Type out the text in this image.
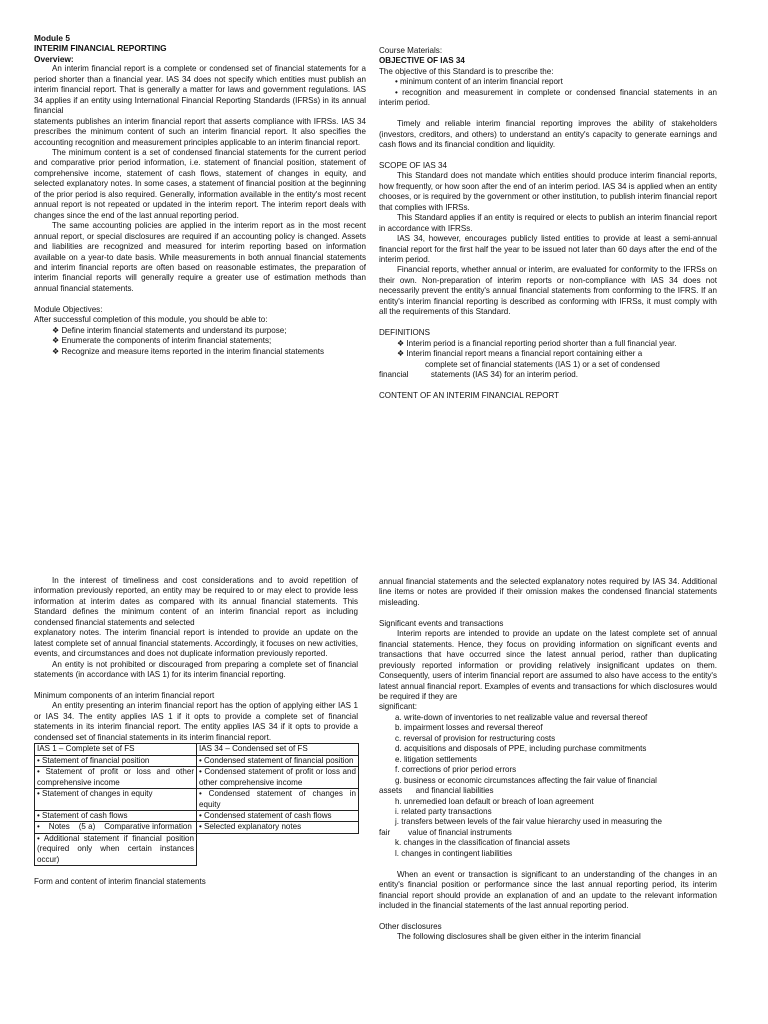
Module 5

INTERIM FINANCIAL REPORTING

Overview:

An interim financial report is a complete or condensed set of financial statements for a period shorter than a financial year. IAS 34 does not specify which entities must publish an interim financial report. That is generally a matter for laws and government regulations. IAS 34 applies if an entity using International Financial Reporting Standards (IFRSs) in its annual financial

statements publishes an interim financial report that asserts compliance with IFRSs. IAS 34 prescribes the minimum content of such an interim financial report. It also specifies the accounting recognition and measurement principles applicable to an interim financial report.

The minimum content is a set of condensed financial statements for the current period and comparative prior period information, i.e. statement of financial position, statement of comprehensive income, statement of cash flows, statement of changes in equity, and selected explanatory notes. In some cases, a statement of financial position at the beginning of the prior period is also required. Generally, information available in the entity's most recent annual report is not repeated or updated in the interim report. The interim report deals with changes since the end of the last annual reporting period.

The same accounting policies are applied in the interim report as in the most recent annual report, or special disclosures are required if an accounting policy is changed. Assets and liabilities are recognized and measured for interim reporting based on information available on a year-to date basis. While measurements in both annual financial statements and interim financial reports are often based on reasonable estimates, the preparation of interim financial reports will generally require a greater use of estimation methods than annual financial statements.

Module Objectives:

After successful completion of this module, you should be able to:

❖ Define interim financial statements and understand its purpose;

❖ Enumerate the components of interim financial statements;

❖ Recognize and measure items reported in the interim financial statements

Course Materials:

OBJECTIVE OF IAS 34

The objective of this Standard is to prescribe the:

• minimum content of an interim financial report

• recognition and measurement in complete or condensed financial statements in an interim period.

Timely and reliable interim financial reporting improves the ability of stakeholders (investors, creditors, and others) to understand an entity's capacity to generate earnings and cash flows and its financial condition and liquidity.

SCOPE OF IAS 34

This Standard does not mandate which entities should produce interim financial reports, how frequently, or how soon after the end of an interim period. IAS 34 is applied when an entity chooses, or is required by the government or other institution, to publish interim financial report that complies with IFRSs.

This Standard applies if an entity is required or elects to publish an interim financial report in accordance with IFRSs.

IAS 34, however, encourages publicly listed entities to provide at least a semi-annual financial report for the first half the year to be issued not later than 60 days after the end of the interim period.

Financial reports, whether annual or interim, are evaluated for conformity to the IFRSs on their own. Non-preparation of interim reports or non-compliance with IAS 34 does not necessarily prevent the entity's annual financial statements from conforming to the IFRS. If an entity's interim financial reporting is described as conforming with IFRSs, it must comply with all the requirements of this Standard.

DEFINITIONS

❖ Interim period is a financial reporting period shorter than a full financial year.

❖ Interim financial report means a financial report containing either a

complete set of financial statements (IAS 1) or a set of condensed

financial          statements (IAS 34) for an interim period.

CONTENT OF AN INTERIM FINANCIAL REPORT

In the interest of timeliness and cost considerations and to avoid repetition of information previously reported, an entity may be required to or may elect to provide less information at interim dates as compared with its annual financial statements. This Standard defines the minimum content of an interim financial report as including condensed financial statements and selected

explanatory notes. The interim financial report is intended to provide an update on the latest complete set of annual financial statements. Accordingly, it focuses on new activities, events, and circumstances and does not duplicate information previously reported.

An entity is not prohibited or discouraged from preparing a complete set of financial statements (in accordance with IAS 1) for its interim financial reporting.

Minimum components of an interim financial report

An entity presenting an interim financial report has the option of applying either IAS 1 or IAS 34. The entity applies IAS 1 if it opts to provide a complete set of financial statements in its interim financial report. The entity applies IAS 34 if it opts to provide a condensed set of financial statements in its interim financial report.

IAS 1 – Complete set of FS	IAS 34 – Condensed set of FS
• Statement of financial position	• Condensed statement of financial position
• Statement of profit or loss and other comprehensive income	• Condensed statement of profit or loss and other comprehensive income
• Statement of changes in equity	• Condensed statement of changes in equity
• Statement of cash flows	• Condensed statement of cash flows
•    Notes    (5 a)    Comparative information	• Selected explanatory notes
• Additional statement if financial position (required only when certain instances occur)	

Form and content of interim financial statements

annual financial statements and the selected explanatory notes required by IAS 34. Additional line items or notes are provided if their omission makes the condensed financial statements misleading.

Significant events and transactions

Interim reports are intended to provide an update on the latest complete set of annual financial statements. Hence, they focus on providing information on significant events and transactions that have occurred since the latest annual period, rather than duplicating previously reported information or providing relatively insignificant updates on them. Consequently, users of interim financial report are assumed to also have access to the entity's latest annual financial report. Examples of events and transactions for which disclosures would be required if they are

significant:

a. write-down of inventories to net realizable value and reversal thereof

b. impairment losses and reversal thereof

c. reversal of provision for restructuring costs

d. acquisitions and disposals of PPE, including purchase commitments

e. litigation settlements

f. corrections of prior period errors

g. business or economic circumstances affecting the fair value of financial

assets      and financial liabilities

h. unremedied loan default or breach of loan agreement

i. related party transactions

j. transfers between levels of the fair value hierarchy used in measuring the

fair        value of financial instruments

k. changes in the classification of financial assets

l. changes in contingent liabilities

When an event or transaction is significant to an understanding of the changes in an entity's financial position or performance since the last annual reporting period, its interim financial report should provide an explanation of and an update to the relevant information included in the financial statements of the last annual reporting period.

Other disclosures

The following disclosures shall be given either in the interim financial
